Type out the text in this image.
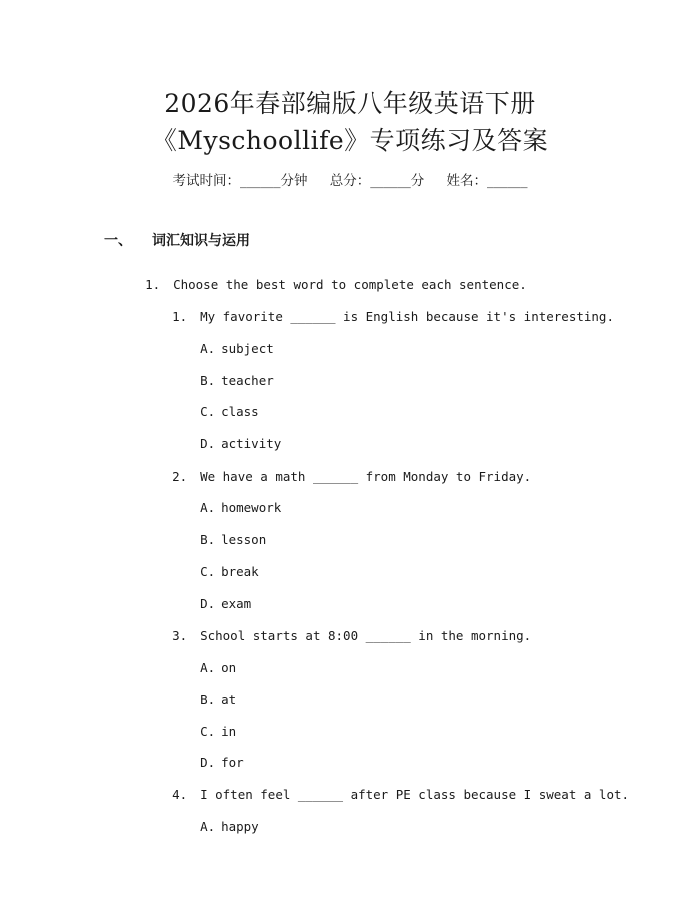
2026年春部编版八年级英语下册
《Myschoollife》专项练习及答案
考试时间：______分钟 总分：______分 姓名：______
一、 词汇知识与运用

1. Choose the best word to complete each sentence.

1. My favorite ______ is English because it's interesting.

A. subject

B. teacher

C. class

D. activity

2. We have a math ______ from Monday to Friday.

A. homework

B. lesson

C. break

D. exam

3. School starts at 8:00 ______ in the morning.

A. on

B. at

C. in

D. for

4. I often feel ______ after PE class because I sweat a lot.

A. happy
